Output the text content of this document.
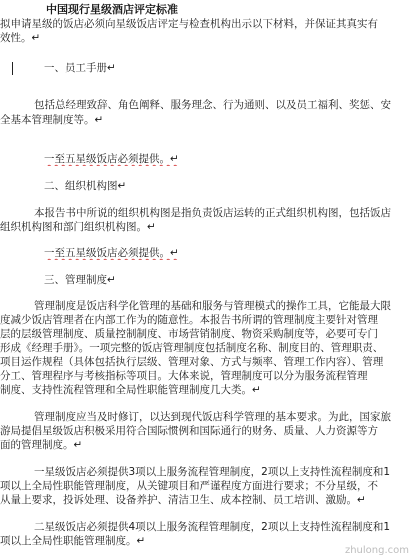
中国现行星级酒店评定标准
拟申请星级的饭店必须向星级饭店评定与检查机构出示以下材料，并保证其真实有
效性。↵
一、员工手册↵
包括总经理致辞、角色阐释、服务理念、行为通则、以及员工福利、奖惩、安
全基本管理制度等。↵
一至五星级饭店必须提供。↵
二、组织机构图↵
本报告书中所说的组织机构图是指负责饭店运转的正式组织机构图，包括饭店
组织机构图和部门组织机构图。↵
一至五星级饭店必须提供。↵
三、管理制度↵
管理制度是饭店科学化管理的基础和服务与管理模式的操作工具，它能最大限
度减少饭店管理者在内部工作为的随意性。本报告书所谓的管理制度主要针对管理
层的层级管理制度、质量控制制度、市场营销制度、物资采购制度等，必要可专门
形成《经理手册》。一项完整的饭店管理制度包括制度名称、制度目的、管理职责、
项目运作规程（具体包括执行层级、管理对象、方式与频率、管理工作内容）、管理
分工、管理程序与考核指标等项目。大体来说，管理制度可以分为服务流程管理
制度、支持性流程管理和全局性职能管理制度几大类。↵
管理制度应当及时修订，以达到现代饭店科学管理的基本要求。为此，国家旅
游局提倡星级饭店积极采用符合国际惯例和国际通行的财务、质量、人力资源等方
面的管理制度。↵
一星级饭店必须提供3项以上服务流程管理制度，2项以上支持性流程制度和1
项以上全局性职能管理制度，从关键项目和严谨程度方面进行要求；不分星级，不
从量上要求，投诉处理、设备养护、清洁卫生、成本控制、员工培训、激励。↵
二星级饭店必须提供4项以上服务流程管理制度，2项以上支持性流程制度和1
项以上全局性职能管理制度。↵
zhulong.com
